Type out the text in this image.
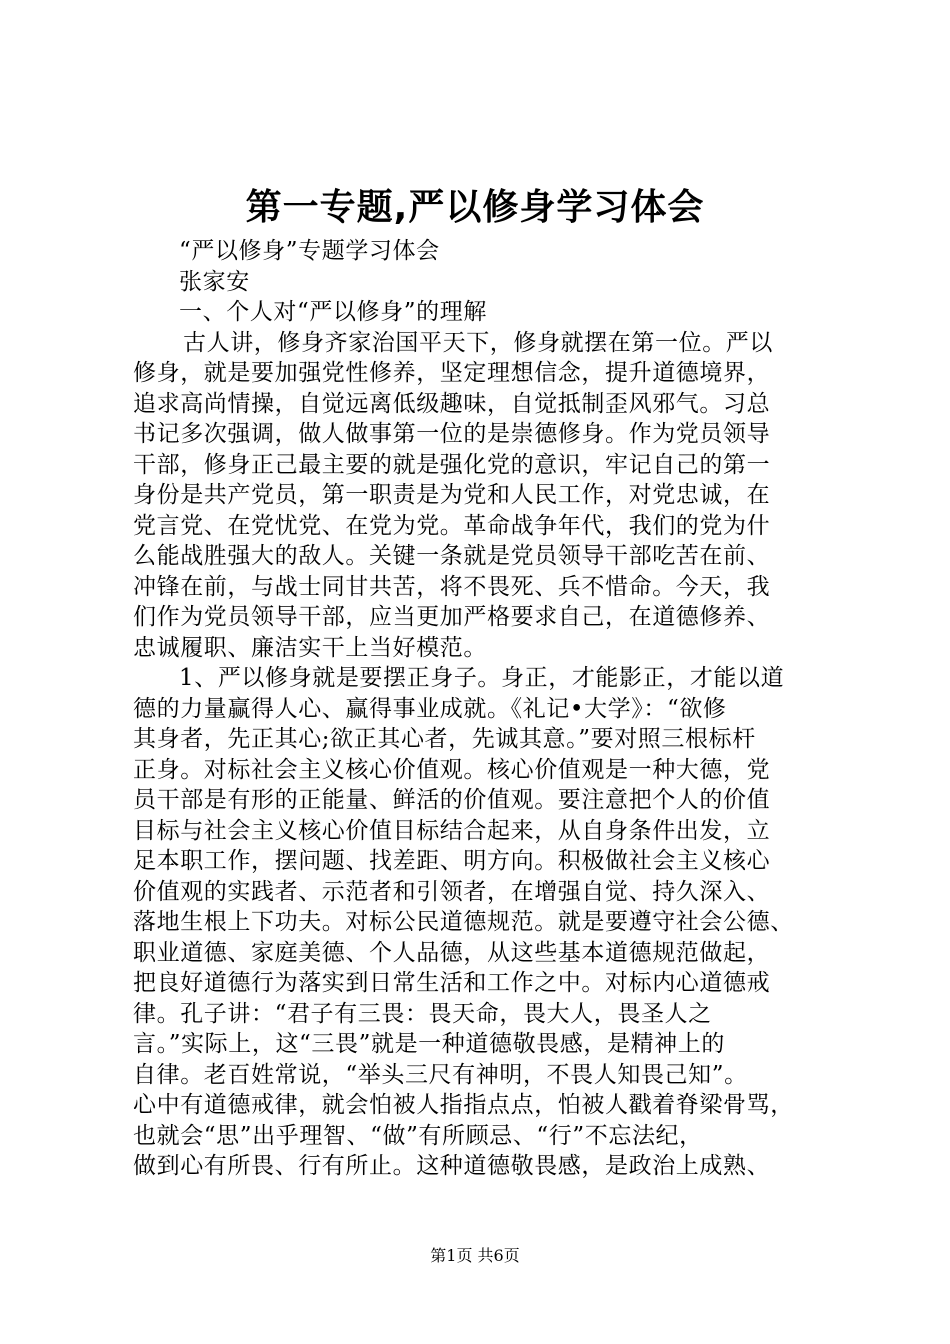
第一专题,严以修身学习体会
“严以修身”专题学习体会
张家安
一、个人对“严以修身”的理解
古人讲，修身齐家治国平天下，修身就摆在第一位。严以
修身，就是要加强党性修养，坚定理想信念，提升道德境界，
追求高尚情操，自觉远离低级趣味，自觉抵制歪风邪气。习总
书记多次强调，做人做事第一位的是崇德修身。作为党员领导
干部，修身正己最主要的就是强化党的意识，牢记自己的第一
身份是共产党员，第一职责是为党和人民工作，对党忠诚，在
党言党、在党忧党、在党为党。革命战争年代，我们的党为什
么能战胜强大的敌人。关键一条就是党员领导干部吃苦在前、
冲锋在前，与战士同甘共苦，将不畏死、兵不惜命。今天，我
们作为党员领导干部，应当更加严格要求自己，在道德修养、
忠诚履职、廉洁实干上当好模范。
1、严以修身就是要摆正身子。身正，才能影正，才能以道
德的力量赢得人心、赢得事业成就。《礼记•大学》：“欲修
其身者，先正其心;欲正其心者，先诚其意。”要对照三根标杆
正身。对标社会主义核心价值观。核心价值观是一种大德，党
员干部是有形的正能量、鲜活的价值观。要注意把个人的价值
目标与社会主义核心价值目标结合起来，从自身条件出发，立
足本职工作，摆问题、找差距、明方向。积极做社会主义核心
价值观的实践者、示范者和引领者，在增强自觉、持久深入、
落地生根上下功夫。对标公民道德规范。就是要遵守社会公德、
职业道德、家庭美德、个人品德，从这些基本道德规范做起，
把良好道德行为落实到日常生活和工作之中。对标内心道德戒
律。孔子讲：“君子有三畏：畏天命，畏大人，畏圣人之
言。”实际上，这“三畏”就是一种道德敬畏感，是精神上的
自律。老百姓常说，“举头三尺有神明，不畏人知畏己知”。
心中有道德戒律，就会怕被人指指点点，怕被人戳着脊梁骨骂，
也就会“思”出乎理智、“做”有所顾忌、“行”不忘法纪，
做到心有所畏、行有所止。这种道德敬畏感，是政治上成熟、
第1页 共6页
